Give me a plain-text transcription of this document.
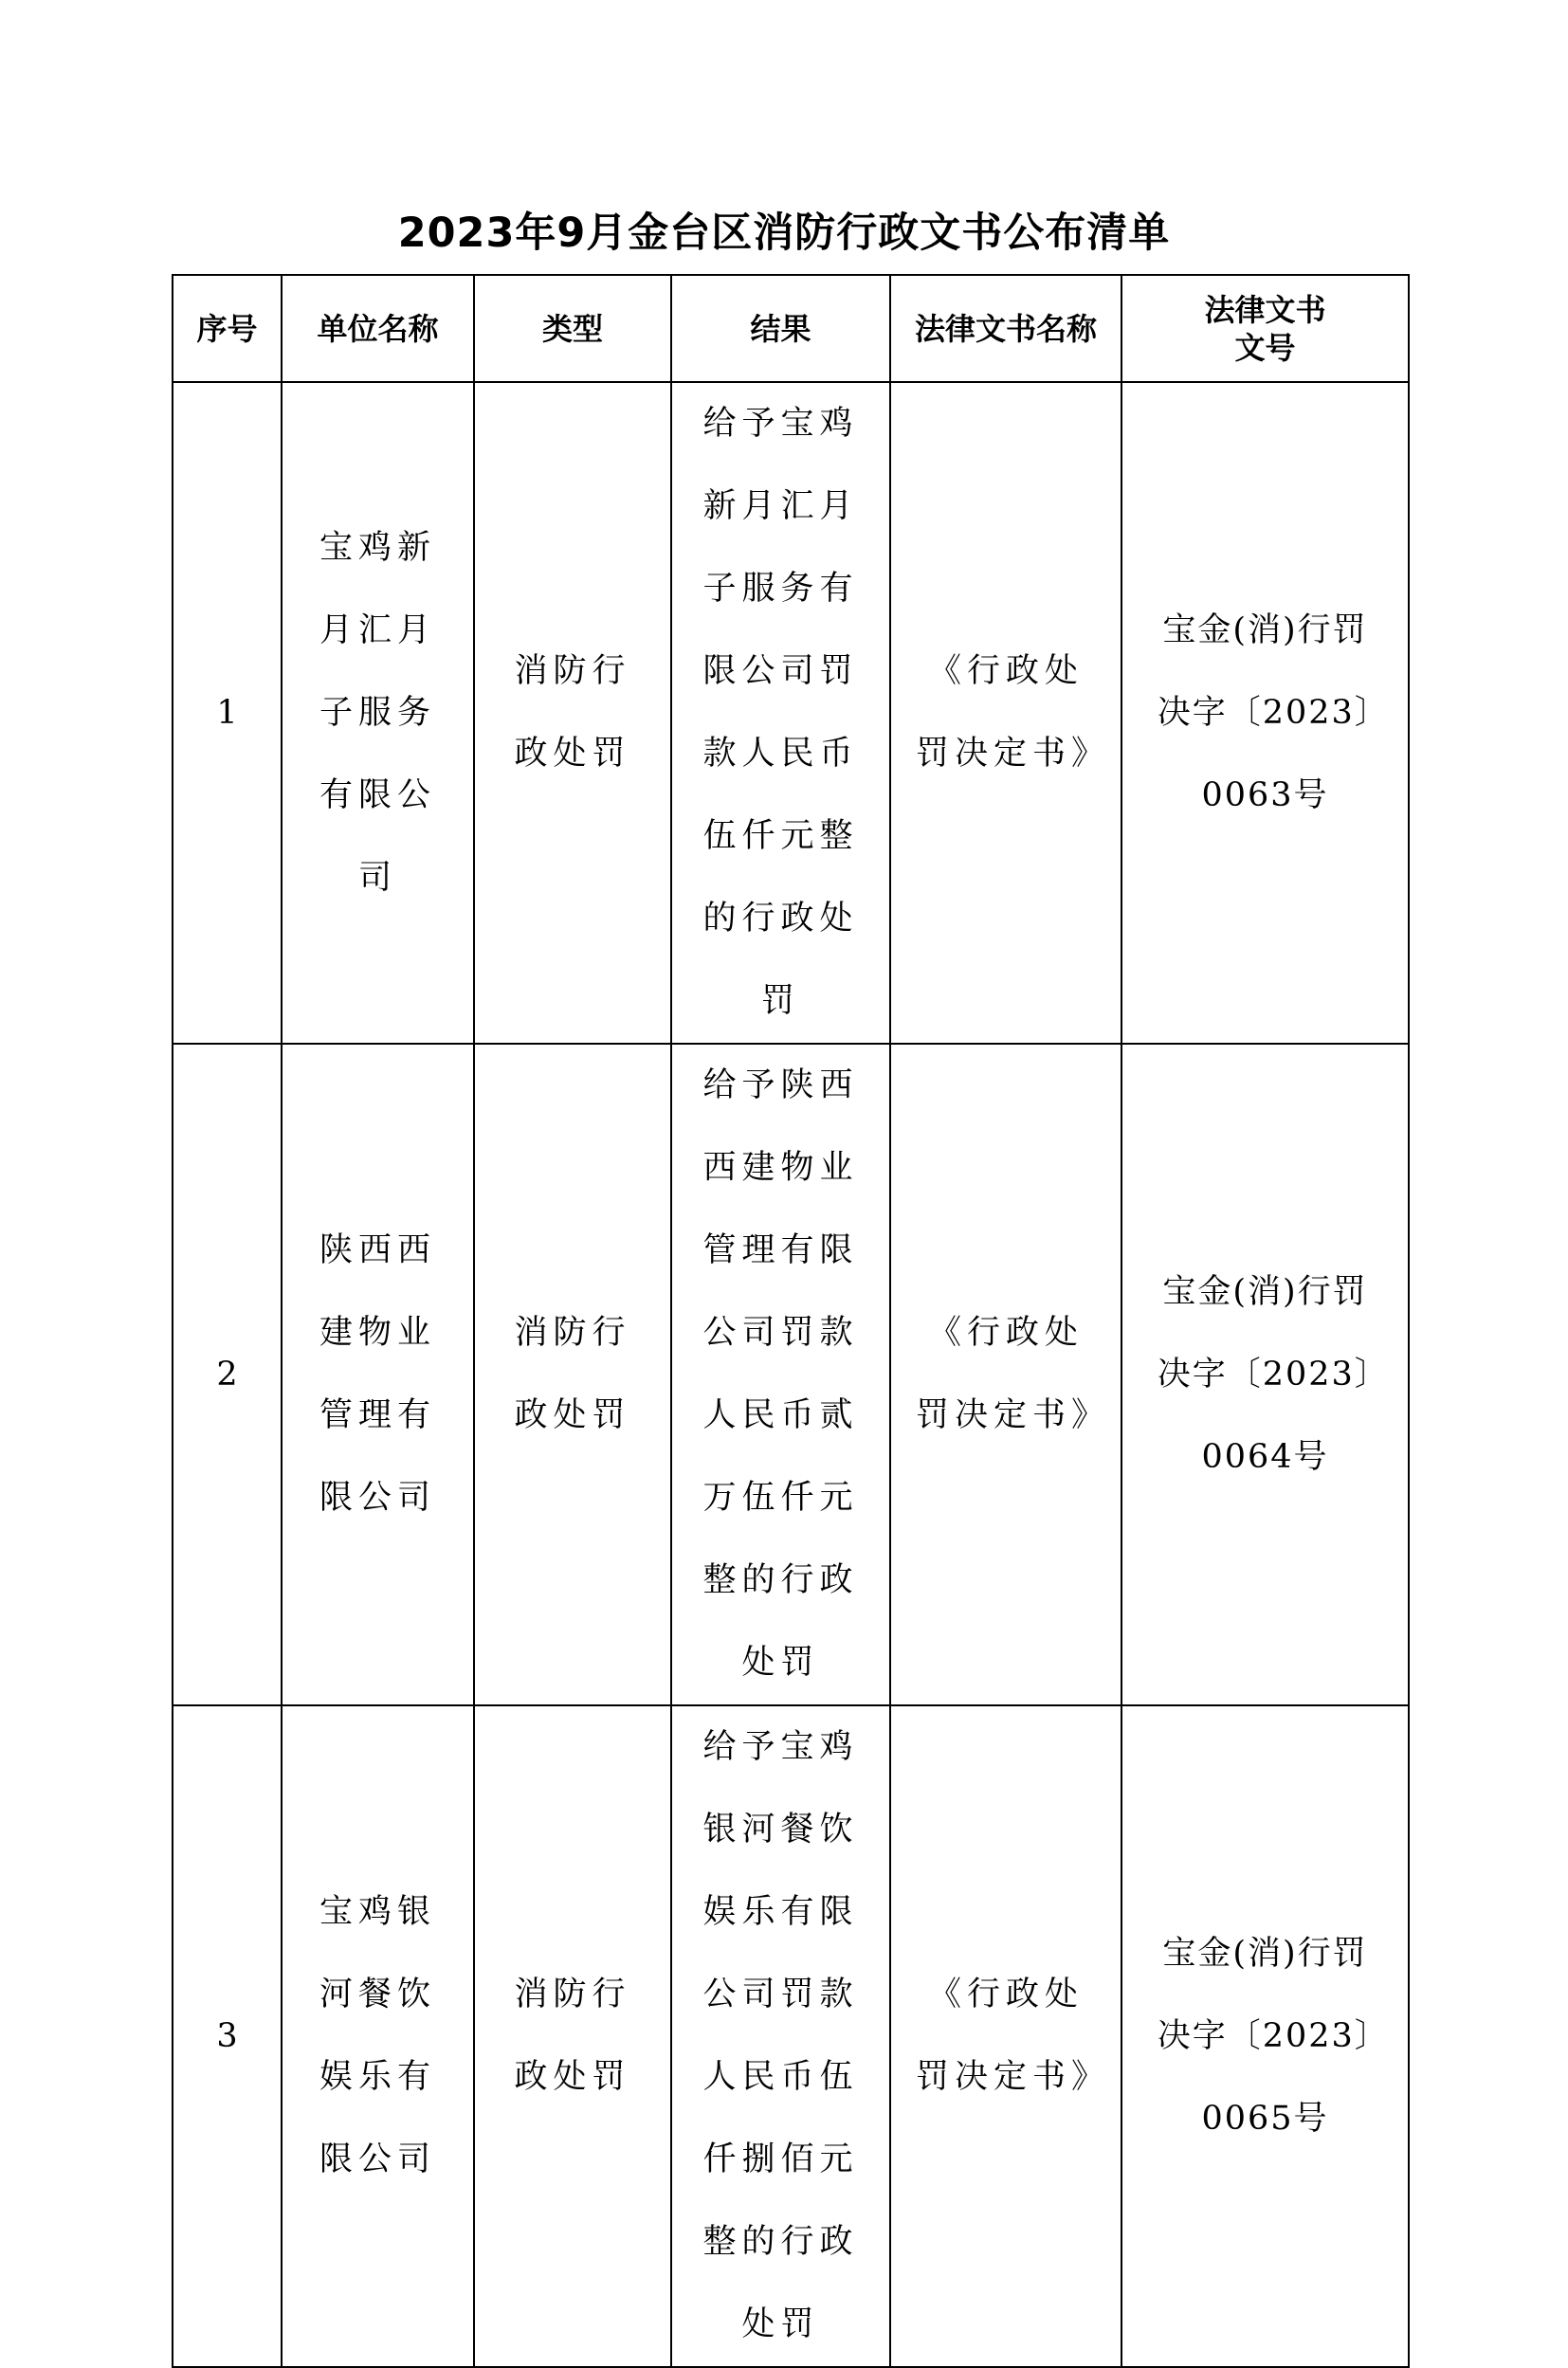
2023年9月金台区消防行政文书公布清单
序号	单位名称	类型	结果	法律文书名称	法律文书文号
1	宝鸡新月汇月子服务有限公司	消防行政处罚	给予宝鸡新月汇月子服务有限公司罚款人民币伍仟元整的行政处罚	《行政处罚决定书》	宝金(消)行罚决字〔2023〕0063号
2	陕西西建物业管理有限公司	消防行政处罚	给予陕西西建物业管理有限公司罚款人民币贰万伍仟元整的行政处罚	《行政处罚决定书》	宝金(消)行罚决字〔2023〕0064号
3	宝鸡银河餐饮娱乐有限公司	消防行政处罚	给予宝鸡银河餐饮娱乐有限公司罚款人民币伍仟捌佰元整的行政处罚	《行政处罚决定书》	宝金(消)行罚决字〔2023〕0065号
